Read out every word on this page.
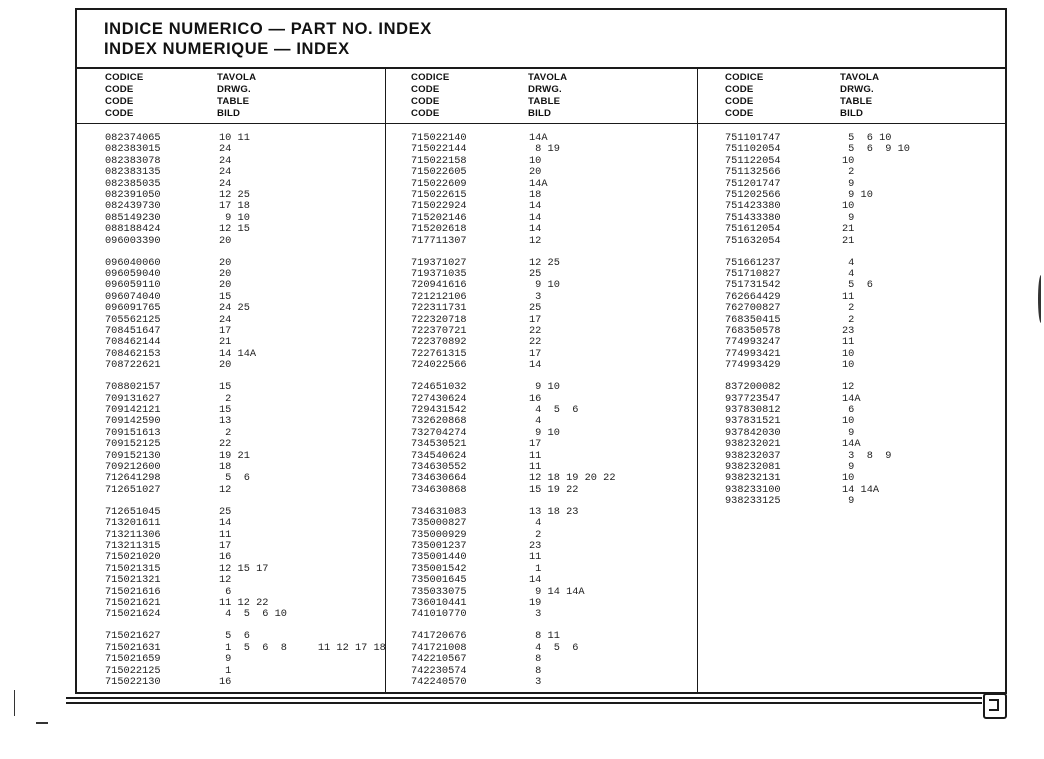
INDICE NUMERICO — PART NO. INDEX
INDEX NUMERIQUE — INDEX
CODICE
CODE
CODE
CODE
TAVOLA
DRWG.
TABLE
BILD
082374065	10 11
082383015	24
082383078	24
082383135	24
082385035	24
082391050	12 25
082439730	17 18
085149230	9 10
088188424	12 15
096003390	20
096040060	20
096059040	20
096059110	20
096074040	15
096091765	24 25
705562125	24
708451647	17
708462144	21
708462153	14 14A
708722621	20
708802157	15
709131627	2
709142121	15
709142590	13
709151613	2
709152125	22
709152130	19 21
709212600	18
712641298	5  6
712651027	12
712651045	25
713201611	14
713211306	11
713211315	17
715021020	16
715021315	12 15 17
715021321	12
715021616	6
715021621	11 12 22
715021624	4  5  6 10
715021627	5  6
715021631	1  5  6  8     11 12 17 18
715021659	9
715022125	1
715022130	16
CODICE
CODE
CODE
CODE
TAVOLA
DRWG.
TABLE
BILD
715022140	14A
715022144	8 19
715022158	10
715022605	20
715022609	14A
715022615	18
715022924	14
715202146	14
715202618	14
717711307	12
719371027	12 25
719371035	25
720941616	9 10
721212106	3
722311731	25
722320718	17
722370721	22
722370892	22
722761315	17
724022566	14
724651032	9 10
727430624	16
729431542	4  5  6
732620868	4
732704274	9 10
734530521	17
734540624	11
734630552	11
734630664	12 18 19 20 22
734630868	15 19 22
734631083	13 18 23
735000827	4
735000929	2
735001237	23
735001440	11
735001542	1
735001645	14
735033075	9 14 14A
736010441	19
741010770	3
741720676	8 11
741721008	4  5  6
742210567	8
742230574	8
742240570	3
CODICE
CODE
CODE
CODE
TAVOLA
DRWG.
TABLE
BILD
751101747	5  6 10
751102054	5  6  9 10
751122054	10
751132566	2
751201747	9
751202566	9 10
751423380	10
751433380	9
751612054	21
751632054	21
751661237	4
751710827	4
751731542	5  6
762664429	11
762700827	2
768350415	2
768350578	23
774993247	11
774993421	10
774993429	10
837200082	12
937723547	14A
937830812	6
937831521	10
937842030	9
938232021	14A
938232037	3  8  9
938232081	9
938232131	10
938233100	14 14A
938233125	9
